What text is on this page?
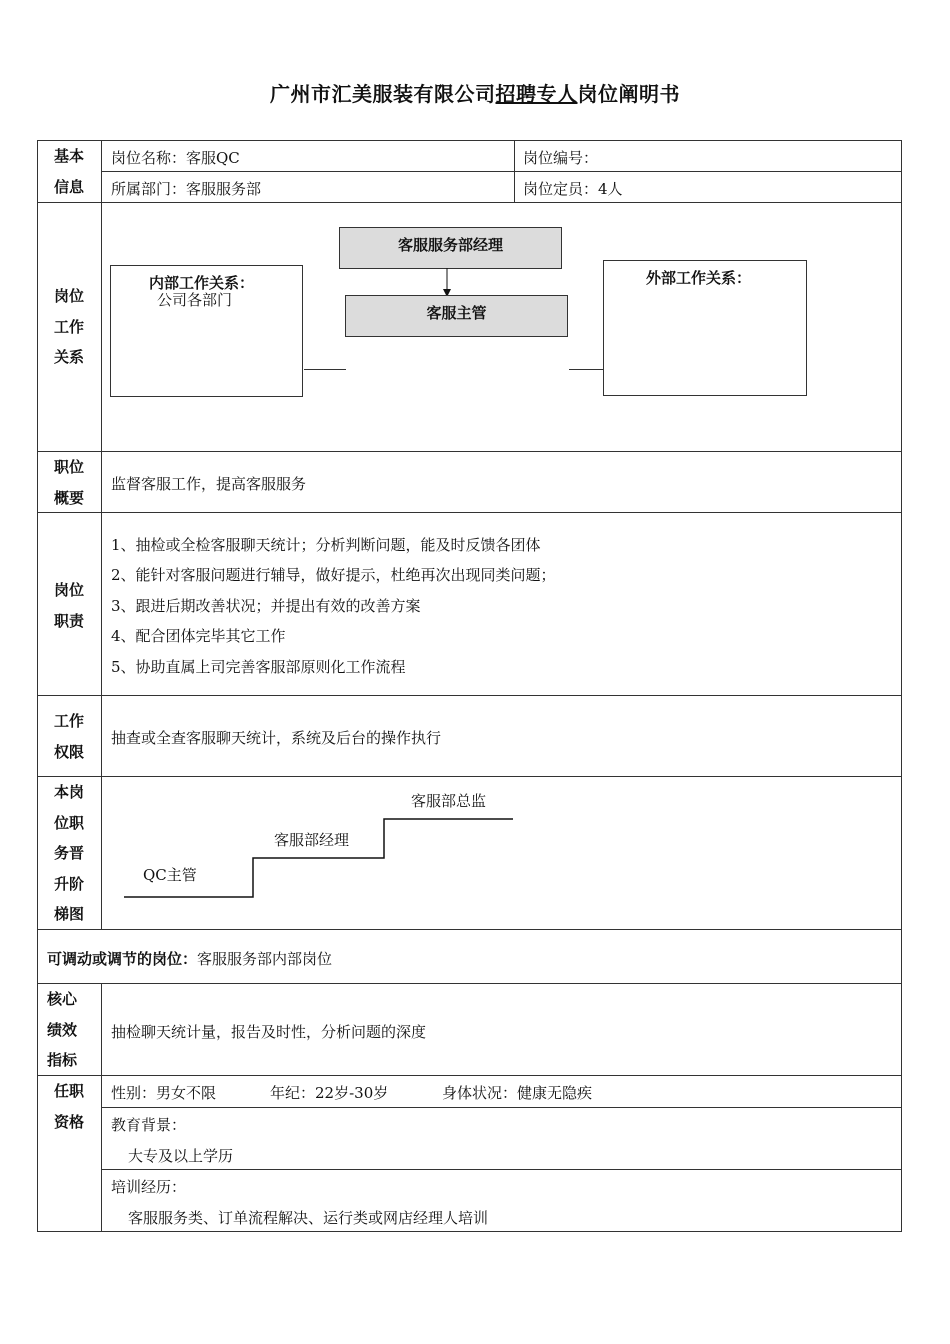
广州市汇美服装有限公司招聘专人岗位阐明书
基本
信息
岗位名称：客服QC	岗位编号：
所属部门：客服服务部	岗位定员：4人
岗位
工作
关系
客服服务部经理
客服主管
内部工作关系：
公司各部门
外部工作关系：
职位
概要
监督客服工作，提高客服服务
岗位
职责
1、抽检或全检客服聊天统计；分析判断问题，能及时反馈各团体
2、能针对客服问题进行辅导，做好提示，杜绝再次出现同类问题；
3、跟进后期改善状况；并提出有效的改善方案
4、配合团体完毕其它工作
5、协助直属上司完善客服部原则化工作流程
工作
权限
抽查或全查客服聊天统计，系统及后台的操作执行
本岗
位职
务晋
升阶
梯图
QC主管
客服部经理
客服部总监
可调动或调节的岗位：客服服务部内部岗位
核心
绩效
指标
抽检聊天统计量，报告及时性，分析问题的深度
任职
资格
性别：男女不限	年纪：22岁-30岁	身体状况：健康无隐疾
教育背景：
大专及以上学历
培训经历：
客服服务类、订单流程解决、运行类或网店经理人培训
